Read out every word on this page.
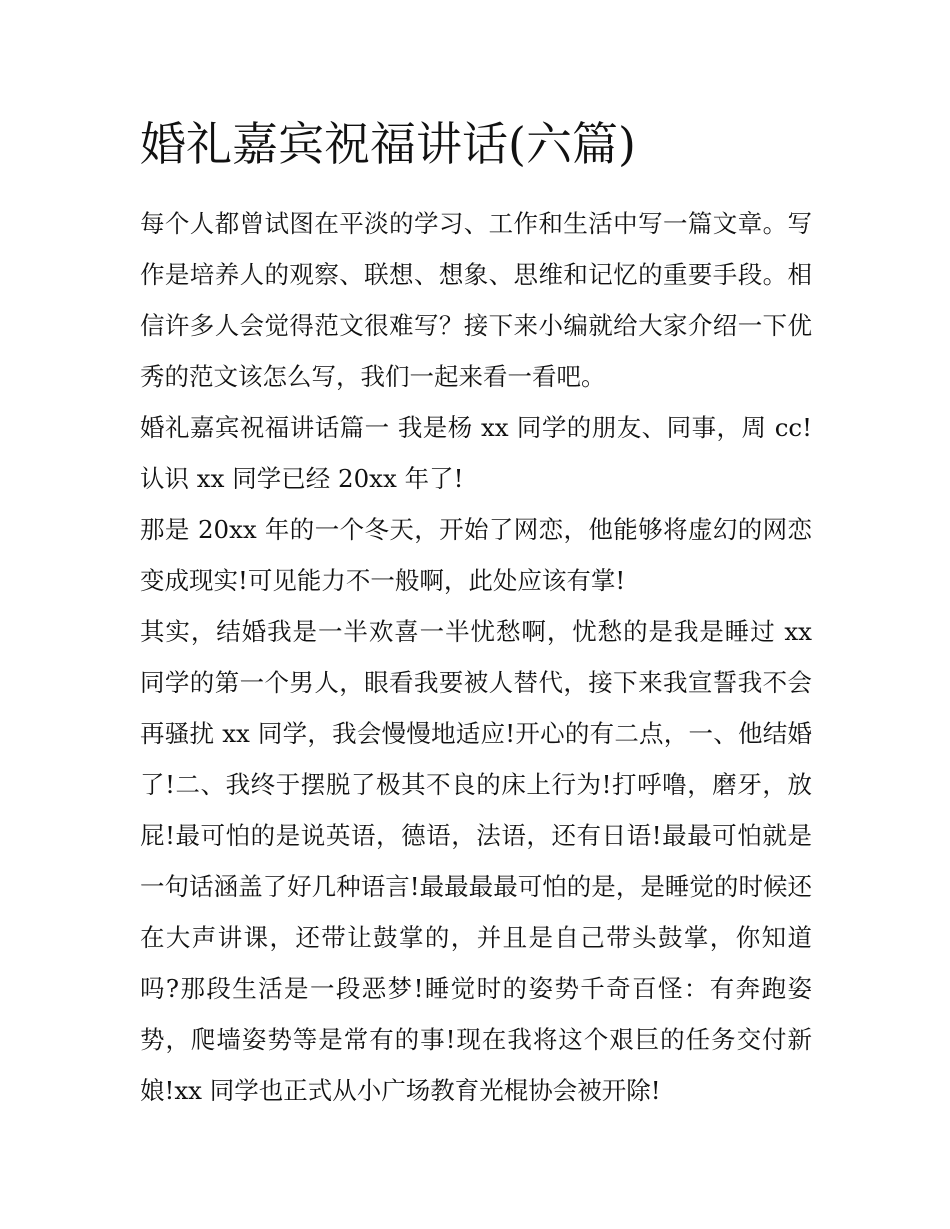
婚礼嘉宾祝福讲话(六篇)

每个人都曾试图在平淡的学习、工作和生活中写一篇文章。写作是培养人的观察、联想、想象、思维和记忆的重要手段。相信许多人会觉得范文很难写？接下来小编就给大家介绍一下优秀的范文该怎么写，我们一起来看一看吧。

婚礼嘉宾祝福讲话篇一 我是杨 xx 同学的朋友、同事，周 cc!认识 xx 同学已经 20xx 年了!

那是 20xx 年的一个冬天，开始了网恋，他能够将虚幻的网恋变成现实!可见能力不一般啊，此处应该有掌!

其实，结婚我是一半欢喜一半忧愁啊，忧愁的是我是睡过 xx 同学的第一个男人，眼看我要被人替代，接下来我宣誓我不会再骚扰 xx 同学，我会慢慢地适应!开心的有二点，一、他结婚了!二、我终于摆脱了极其不良的床上行为!打呼噜，磨牙，放屁!最可怕的是说英语，德语，法语，还有日语!最最可怕就是一句话涵盖了好几种语言!最最最最可怕的是，是睡觉的时候还在大声讲课，还带让鼓掌的，并且是自己带头鼓掌，你知道吗?那段生活是一段恶梦!睡觉时的姿势千奇百怪：有奔跑姿势，爬墙姿势等是常有的事!现在我将这个艰巨的任务交付新娘!xx 同学也正式从小广场教育光棍协会被开除!
